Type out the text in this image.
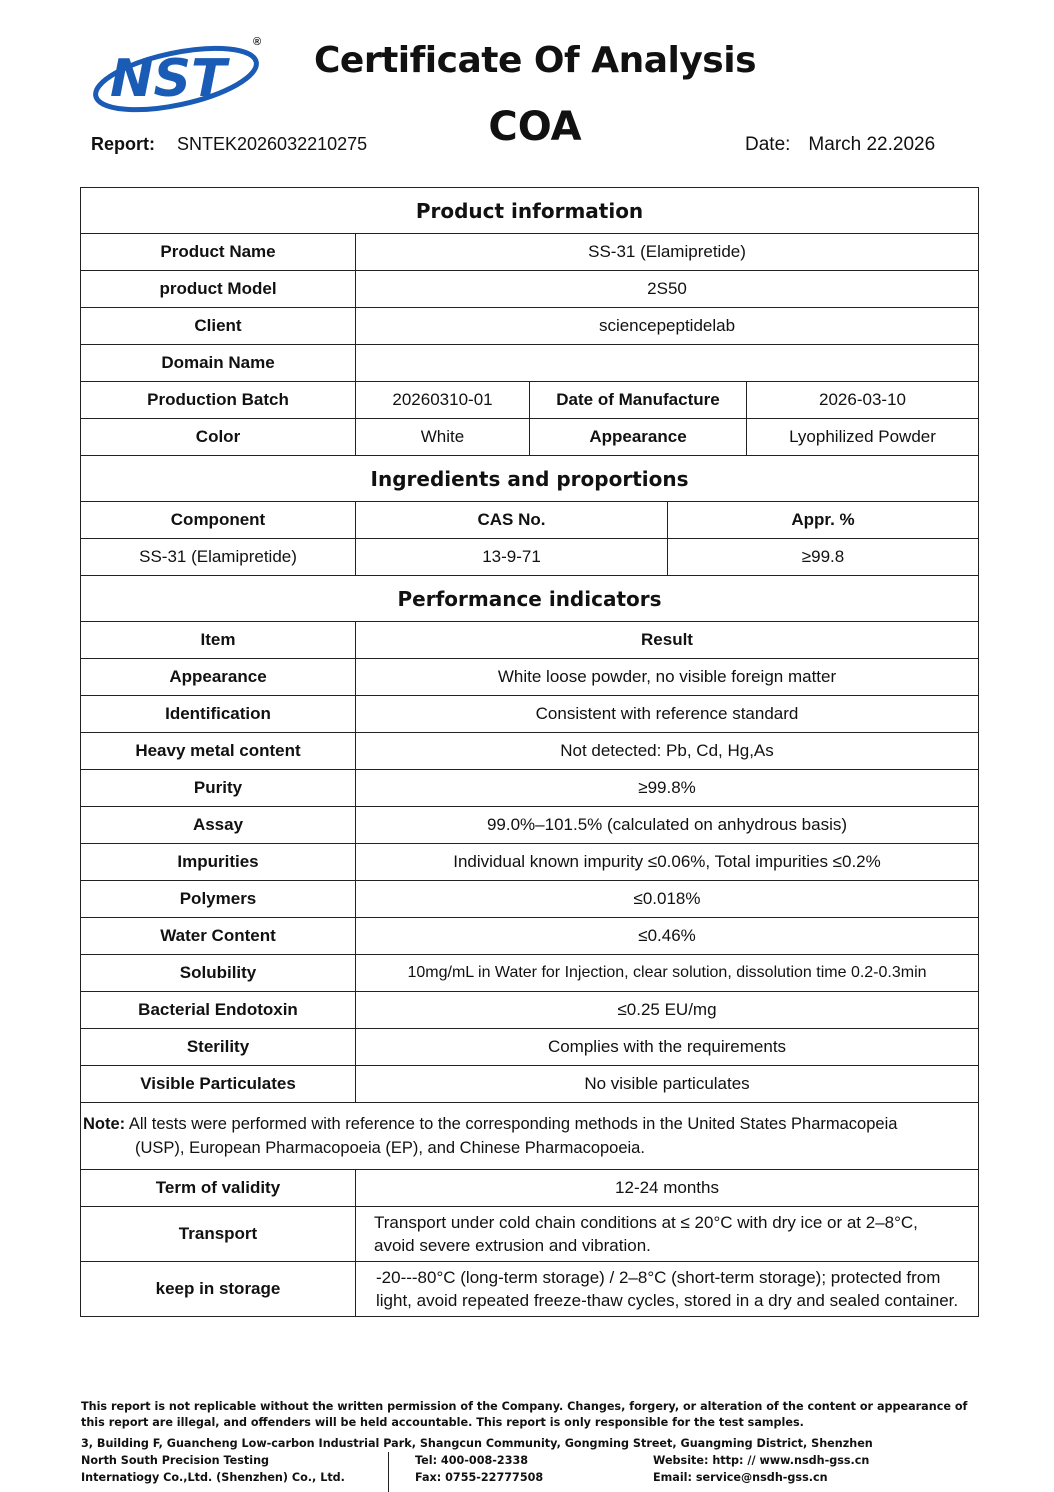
NST
®	Certificate Of Analysis
COA
Report: SNTEK2026032210275	Date: March 22.2026
Product information				
Product Name	SS-31 (Elamipretide)			
product Model	2S50			
Client	sciencepeptidelab			
Domain Name				
Production Batch	20260310-01	Date of Manufacture		2026-03-10
Color	White	Appearance		Lyophilized Powder
Ingredients and proportions				
Component	CAS No.		Appr. %	
SS-31 (Elamipretide)	13-9-71		≥99.8	
Performance indicators				
Item	Result			
Appearance	White loose powder, no visible foreign matter			
Identification	Consistent with reference standard			
Heavy metal content	Not detected: Pb, Cd, Hg,As			
Purity	≥99.8%			
Assay	99.0%–101.5% (calculated on anhydrous basis)			
Impurities	Individual known impurity ≤0.06%, Total impurities ≤0.2%			
Polymers	≤0.018%			
Water Content	≤0.46%			
Solubility	10mg/mL in Water for Injection, clear solution, dissolution time 0.2-0.3min			
Bacterial Endotoxin	≤0.25 EU/mg			
Sterility	Complies with the requirements			
Visible Particulates	No visible particulates			
Note: All tests were performed with reference to the corresponding methods in the United States Pharmacopeia
(USP), European Pharmacopoeia (EP), and Chinese Pharmacopoeia.				
Term of validity	12-24 months			
Transport	Transport under cold chain conditions at ≤ 20°C with dry ice or at 2–8°C,
avoid severe extrusion and vibration.			
keep in storage	-20---80°C (long-term storage) / 2–8°C (short-term storage); protected from
light, avoid repeated freeze-thaw cycles, stored in a dry and sealed container.			
This report is not replicable without the written permission of the Company. Changes, forgery, or alteration of the content or appearance of
this report are illegal, and offenders will be held accountable. This report is only responsible for the test samples.
3, Building F, Guancheng Low-carbon Industrial Park, Shangcun Community, Gongming Street, Guangming District, Shenzhen
North South Precision Testing	Tel: 400-008-2338	Website: http: // www.nsdh-gss.cn
Internatiogy Co.,Ltd. (Shenzhen) Co., Ltd.	Fax: 0755-22777508	Email: service@nsdh-gss.cn
